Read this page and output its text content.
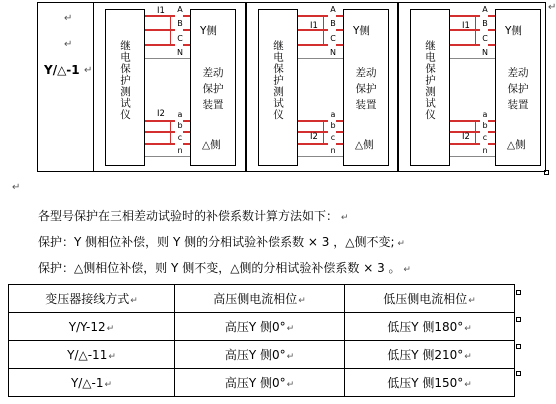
↵
↵
Y/△-1 ↵
↵
继电保护测试仪
Y侧
差动
保护
装置
△侧
A
B
C
N
a
b
c
n
I1
I2	继电保护测试仪
Y侧
差动
保护
装置
△侧
A
B
C
N
a
b
c
n
I1
I2
继电保护测试仪
Y侧
差动
保护
装置
△侧
A
B
C
N
a
b
c
n
I1
I2
↵
各型号保护在三相差动试验时的补偿系数计算方法如下： ↵
保护：Y 侧相位补偿，则 Y 侧的分相试验补偿系数 × 3 ，△侧不变; ↵
保护：△侧相位补偿，则 Y 侧不变，△侧的分相试验补偿系数 × 3 。 ↵
变压器接线方式↵	高压侧电流相位↵	低压侧电流相位↵
Y/Y-12↵	高压Y 侧0°↵	低压Y 侧180°↵
Y/△-11↵	高压Y 侧0°↵	低压Y 侧210°↵
Y/△-1↵	高压Y 侧0°↵	低压Y 侧150°↵
